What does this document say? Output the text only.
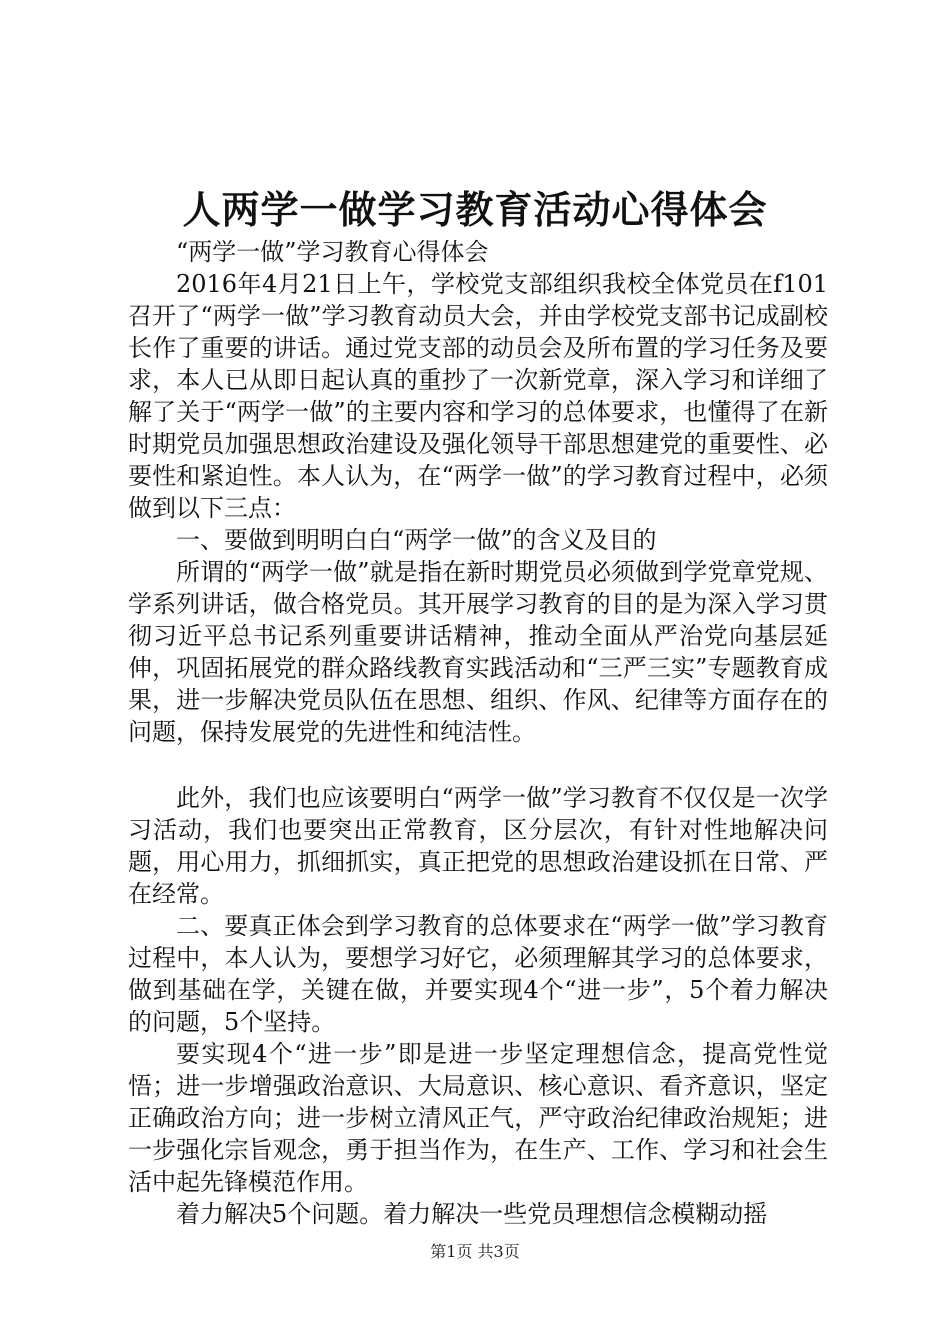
人两学一做学习教育活动心得体会

“两学一做”学习教育心得体会

2016年4月21日上午，学校党支部组织我校全体党员在f101召开了“两学一做”学习教育动员大会，并由学校党支部书记成副校长作了重要的讲话。通过党支部的动员会及所布置的学习任务及要求，本人已从即日起认真的重抄了一次新党章，深入学习和详细了解了关于“两学一做”的主要内容和学习的总体要求，也懂得了在新时期党员加强思想政治建设及强化领导干部思想建党的重要性、必要性和紧迫性。本人认为，在“两学一做”的学习教育过程中，必须做到以下三点：

一、要做到明明白白“两学一做”的含义及目的

所谓的“两学一做”就是指在新时期党员必须做到学党章党规、学系列讲话，做合格党员。其开展学习教育的目的是为深入学习贯彻习近平总书记系列重要讲话精神，推动全面从严治党向基层延伸，巩固拓展党的群众路线教育实践活动和“三严三实”专题教育成果，进一步解决党员队伍在思想、组织、作风、纪律等方面存在的问题，保持发展党的先进性和纯洁性。

此外，我们也应该要明白“两学一做”学习教育不仅仅是一次学习活动，我们也要突出正常教育，区分层次，有针对性地解决问题，用心用力，抓细抓实，真正把党的思想政治建设抓在日常、严在经常。

二、要真正体会到学习教育的总体要求在“两学一做”学习教育过程中，本人认为，要想学习好它，必须理解其学习的总体要求，做到基础在学，关键在做，并要实现4个“进一步”，5个着力解决的问题，5个坚持。

要实现4个“进一步”即是进一步坚定理想信念，提高党性觉悟；进一步增强政治意识、大局意识、核心意识、看齐意识，坚定正确政治方向；进一步树立清风正气，严守政治纪律政治规矩；进一步强化宗旨观念，勇于担当作为，在生产、工作、学习和社会生活中起先锋模范作用。

着力解决5个问题。着力解决一些党员理想信念模糊动摇

第1页 共3页
